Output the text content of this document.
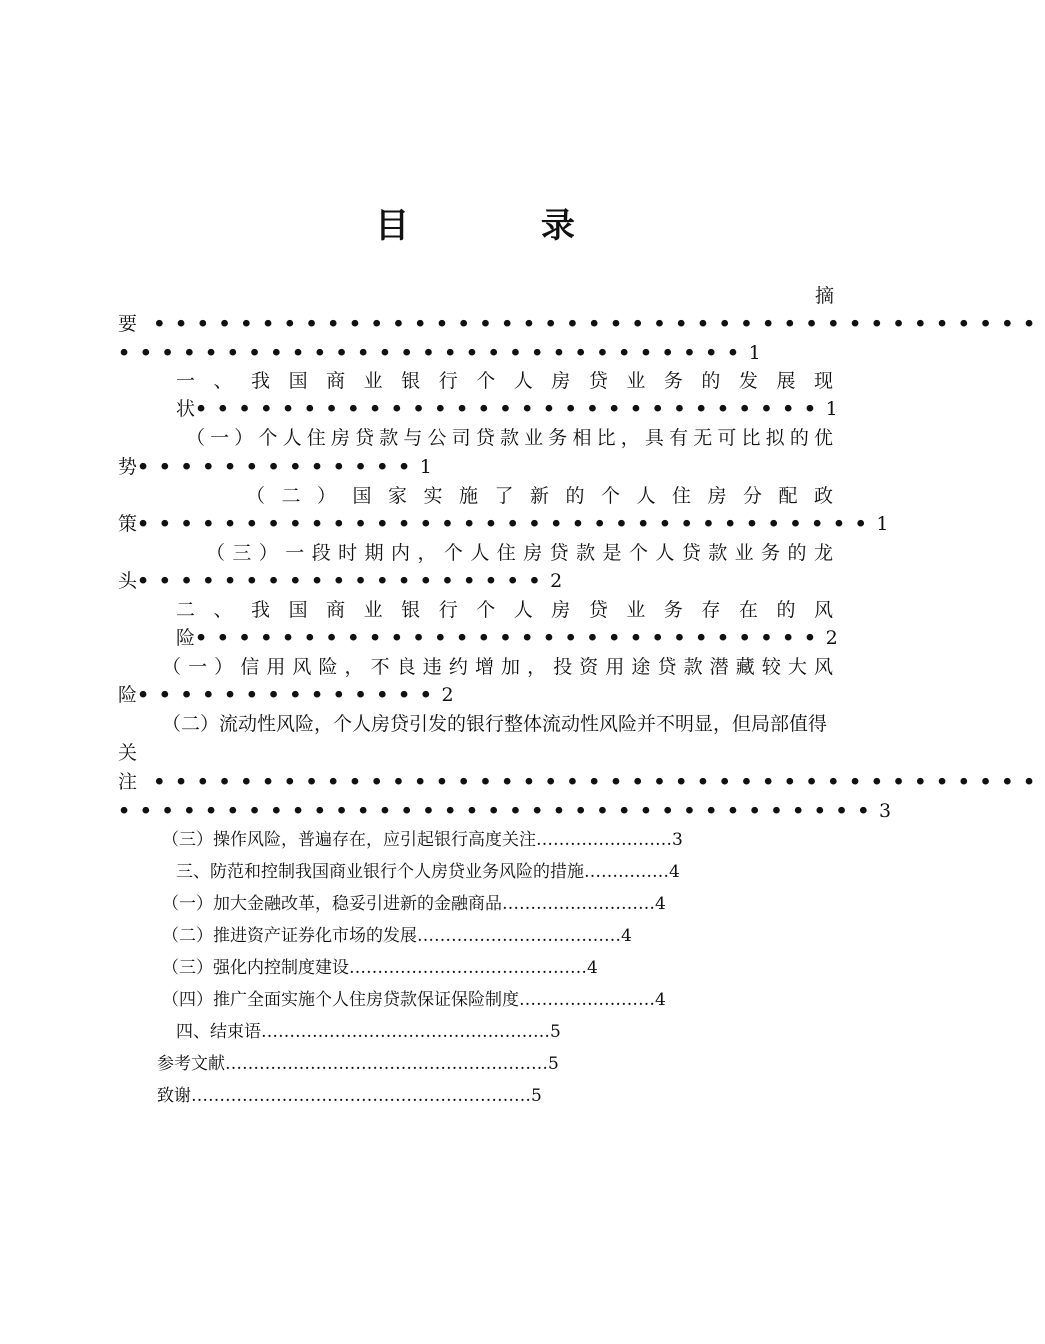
目 录
摘
要 •••••••••••••••••••••••••••••••••••••••••
•••••••••••••••••••••••••••••1
一、我国商业银行个人房贷业务的发展现
状•••••••••••••••••••••••••••••1
（一）个人住房贷款与公司贷款业务相比，具有无可比拟的优
势•••••••••••••1
（二）国家实施了新的个人住房分配政
策••••••••••••••••••••••••••••••••••1
（三）一段时期内，个人住房贷款是个人贷款业务的龙
头•••••••••••••••••••2
二、我国商业银行个人房贷业务存在的风
险•••••••••••••••••••••••••••••2
（一）信用风险，不良违约增加，投资用途贷款潜藏较大风
险••••••••••••••2
（二）流动性风险，个人房贷引发的银行整体流动性风险并不明显，但局部值得
关
注 •••••••••••••••••••••••••••••••••••••••••
•••••••••••••••••••••••••••••••••••3
（三）操作风险，普遍存在，应引起银行高度关注……………………3
三、防范和控制我国商业银行个人房贷业务风险的措施……………4
（一）加大金融改革，稳妥引进新的金融商品………………………4
（二）推进资产证券化市场的发展………………………………4
（三）强化内控制度建设……………………………………4
（四）推广全面实施个人住房贷款保证保险制度……………………4
四、结束语……………………………………………5
参考文献…………………………………………………5
致谢……………………………………………………5
